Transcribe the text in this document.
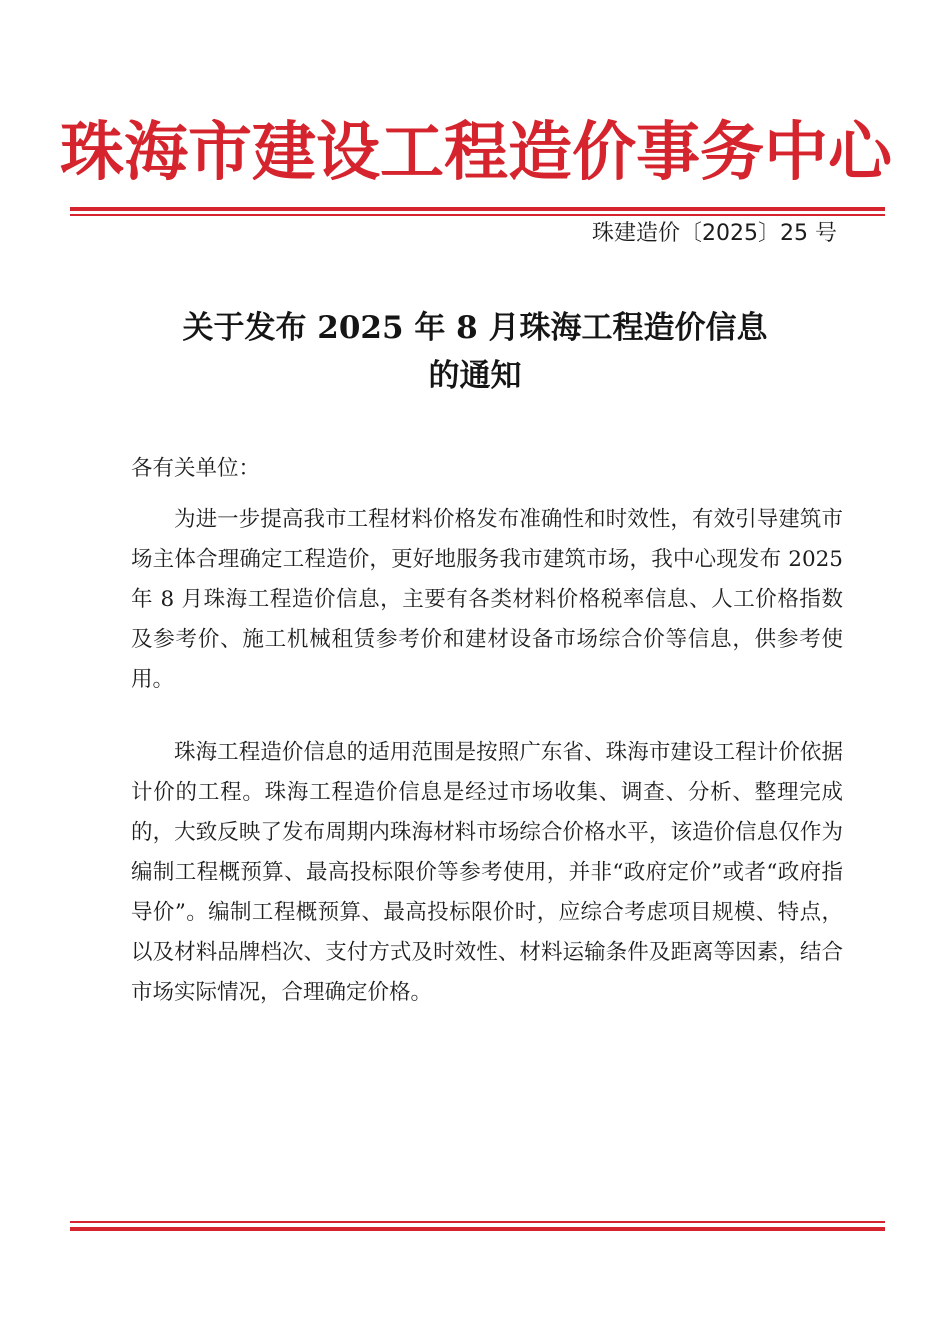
珠海市建设工程造价事务中心
珠建造价〔2025〕25 号
关于发布 2025 年 8 月珠海工程造价信息
的通知
各有关单位：

为进一步提高我市工程材料价格发布准确性和时效性，有效引导建筑市场主体合理确定工程造价，更好地服务我市建筑市场，我中心现发布 2025 年 8 月珠海工程造价信息，主要有各类材料价格税率信息、人工价格指数及参考价、施工机械租赁参考价和建材设备市场综合价等信息，供参考使用。

珠海工程造价信息的适用范围是按照广东省、珠海市建设工程计价依据计价的工程。珠海工程造价信息是经过市场收集、调查、分析、整理完成的，大致反映了发布周期内珠海材料市场综合价格水平，该造价信息仅作为编制工程概预算、最高投标限价等参考使用，并非“政府定价”或者“政府指导价”。编制工程概预算、最高投标限价时，应综合考虑项目规模、特点，以及材料品牌档次、支付方式及时效性、材料运输条件及距离等因素，结合市场实际情况，合理确定价格。
